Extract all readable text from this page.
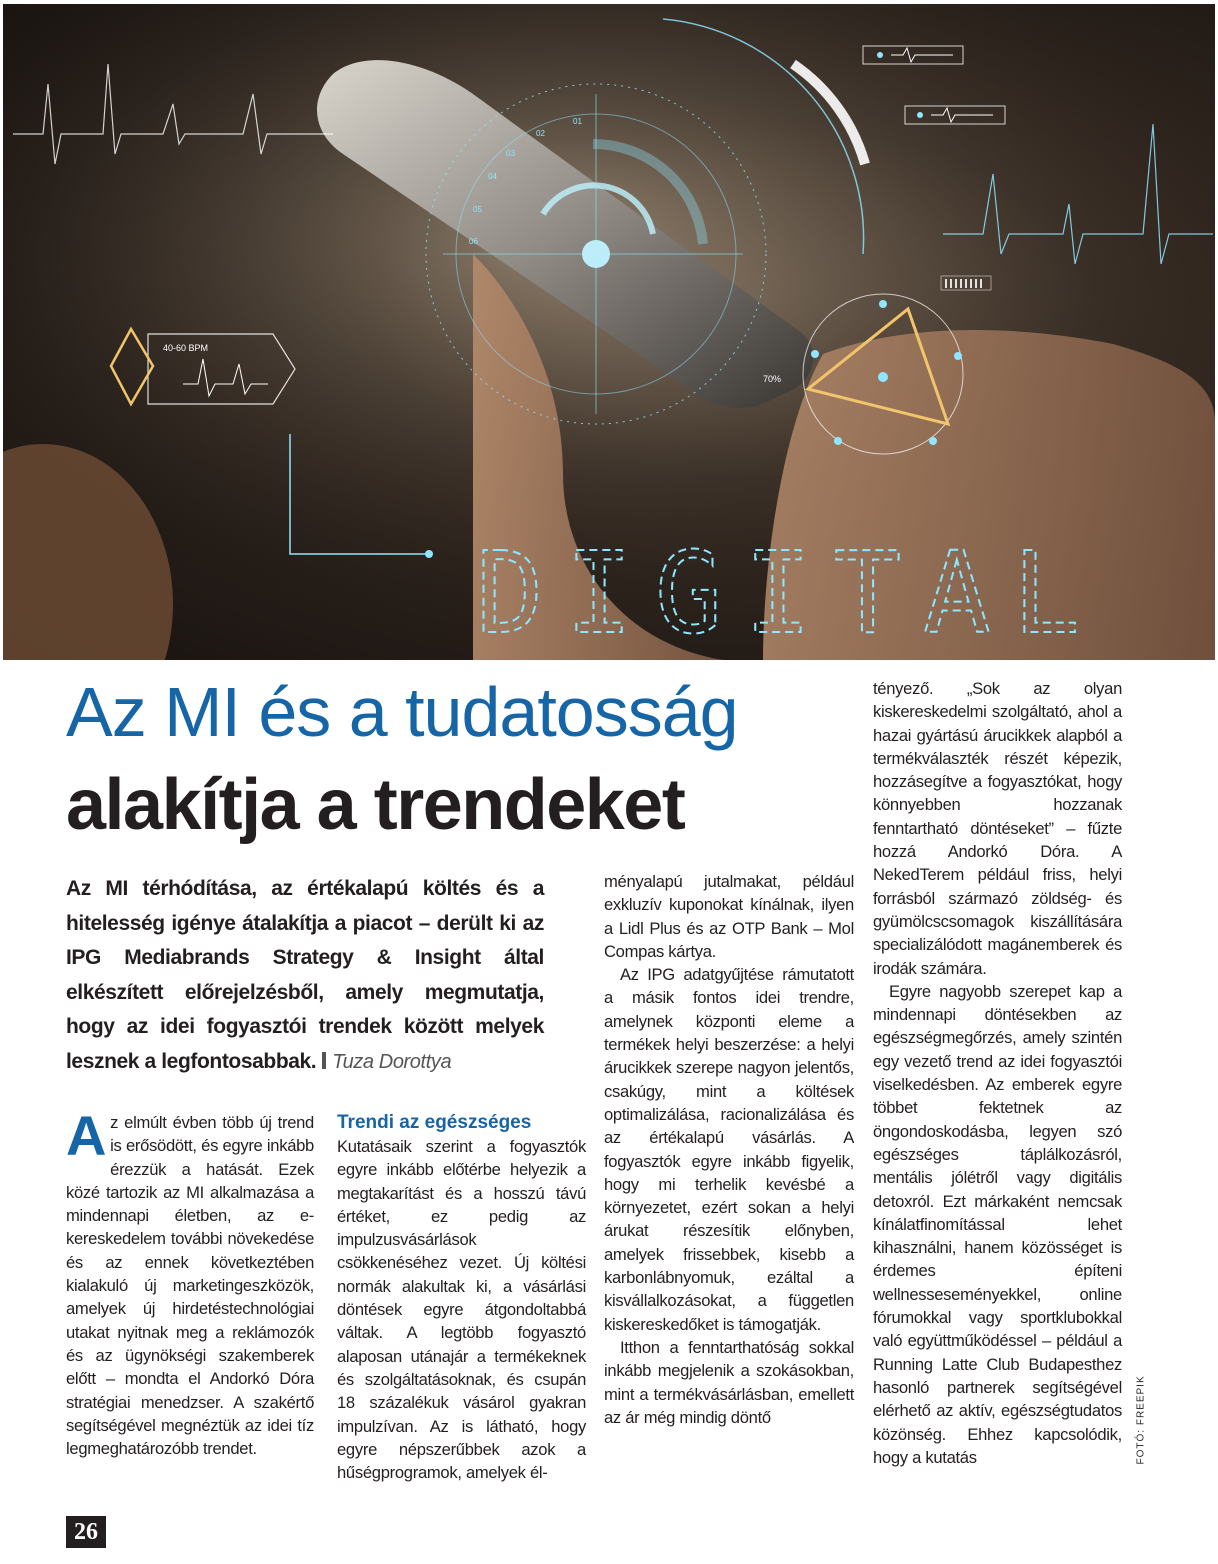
01
02
03
04
05
06
70%
40-60 BPM
DIGITAL
FOTÓ: FREEPIK
Az MI és a tudatosság
alakítja a trendeket
Az MI térhódítása, az értékalapú költés és a hitelesség igénye átalakítja a piacot – derült ki az IPG Mediabrands Strategy & Insight által elkészített előrejelzésből, amely megmutatja, hogy az idei fogyasztói trendek között melyek lesznek a legfontosabbak. Tuza Dorottya

Az elmúlt évben több új trend is erősödött, és egyre inkább érezzük a hatását. Ezek közé tartozik az MI alkalmazása a mindennapi életben, az e-kereskedelem további növekedése és az ennek következtében kialakuló új marketingeszközök, amelyek új hirdetéstechnológiai utakat nyitnak meg a reklámozók és az ügynökségi szakemberek előtt – mondta el Andorkó Dóra stratégiai menedzser. A szakértő segítségével megnéztük az idei tíz legmeghatározóbb trendet.

Trendi az egészséges

Kutatásaik szerint a fogyasztók egyre inkább előtérbe helyezik a megtakarítást és a hosszú távú értéket, ez pedig az impulzusvásárlások csökkenéséhez vezet. Új költési normák alakultak ki, a vásárlási döntések egyre átgondoltabbá váltak. A legtöbb fogyasztó alaposan utánajár a termékeknek és szolgáltatásoknak, és csupán 18 százalékuk vásárol gyakran impulzívan. Az is látható, hogy egyre népszerűbbek azok a hűségprogramok, amelyek él-

ményalapú jutalmakat, például exkluzív kuponokat kínálnak, ilyen a Lidl Plus és az OTP Bank – Mol Compas kártya.

Az IPG adatgyűjtése rámutatott a másik fontos idei trendre, amelynek központi eleme a termékek helyi beszerzése: a helyi árucikkek szerepe nagyon jelentős, csakúgy, mint a költések optimalizálása, racionalizálása és az értékalapú vásárlás. A fogyasztók egyre inkább figyelik, hogy mi terhelik kevésbé a környezetet, ezért sokan a helyi árukat részesítik előnyben, amelyek frissebbek, kisebb a karbonlábnyomuk, ezáltal a kisvállalkozásokat, a független kiskereskedőket is támogatják.

Itthon a fenntarthatóság sokkal inkább megjelenik a szokásokban, mint a termékvásárlásban, emellett az ár még mindig döntő

tényező. „Sok az olyan kiskereskedelmi szolgáltató, ahol a hazai gyártású árucikkek alapból a termékválaszték részét képezik, hozzásegítve a fogyasztókat, hogy könnyebben hozzanak fenntartható döntéseket” – fűzte hozzá Andorkó Dóra. A NekedTerem például friss, helyi forrásból származó zöldség- és gyümölcscsomagok kiszállítására specializálódott magánemberek és irodák számára.

Egyre nagyobb szerepet kap a mindennapi döntésekben az egészségmegőrzés, amely szintén egy vezető trend az idei fogyasztói viselkedésben. Az emberek egyre többet fektetnek az öngondoskodásba, legyen szó egészséges táplálkozásról, mentális jólétről vagy digitális detoxról. Ezt márkaként nemcsak kínálatfinomítással lehet kihasználni, hanem közösséget is érdemes építeni wellnesseseményekkel, online fórumokkal vagy sportklubokkal való együttműködéssel – például a Running Latte Club Budapesthez hasonló partnerek segítségével elérhető az aktív, egészségtudatos közönség. Ehhez kapcsolódik, hogy a kutatás

26
